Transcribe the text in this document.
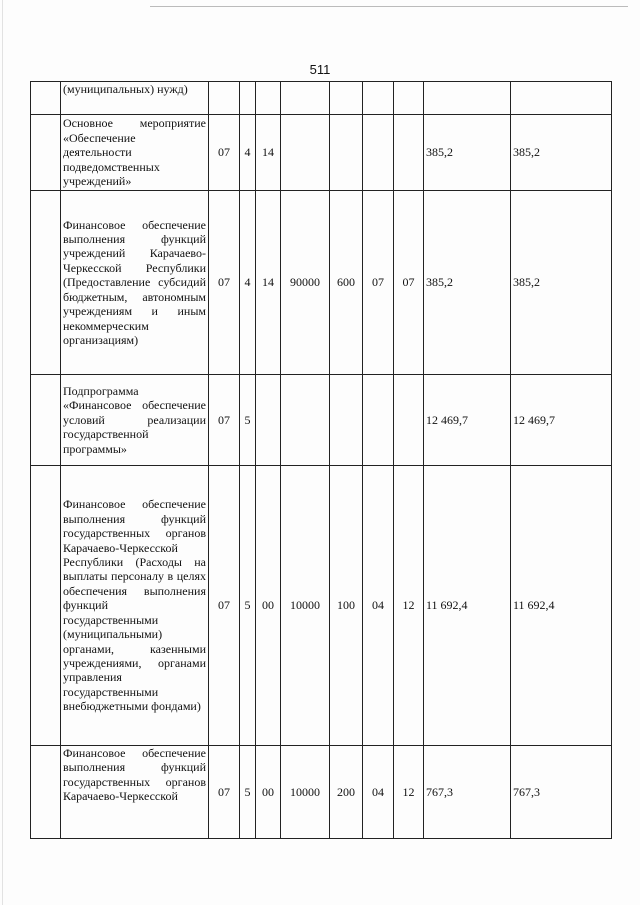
511
	(муниципальных) нужд)									
	Основное мероприятие «Обеспечение деятельности подведомственных учреждений»	07	4	14					385,2	385,2
	Финансовое обеспечение выполнения функций учреждений Карачаево-Черкесской Республики (Предоставление субсидий бюджетным, автономным учреждениям и иным некоммерческим организациям)	07	4	14	90000	600	07	07	385,2	385,2
	Подпрограмма «Финансовое обеспечение условий реализации государственной программы»	07	5						12 469,7	12 469,7
	Финансовое обеспечение выполнения функций государственных органов Карачаево-Черкесской Республики (Расходы на выплаты персоналу в целях обеспечения выполнения функций государственными (муниципальными) органами, казенными учреждениями, органами управления государственными внебюджетными фондами)	07	5	00	10000	100	04	12	11 692,4	11 692,4
	Финансовое обеспечение выполнения функций государственных органов Карачаево-Черкесской	07	5	00	10000	200	04	12	767,3	767,3
